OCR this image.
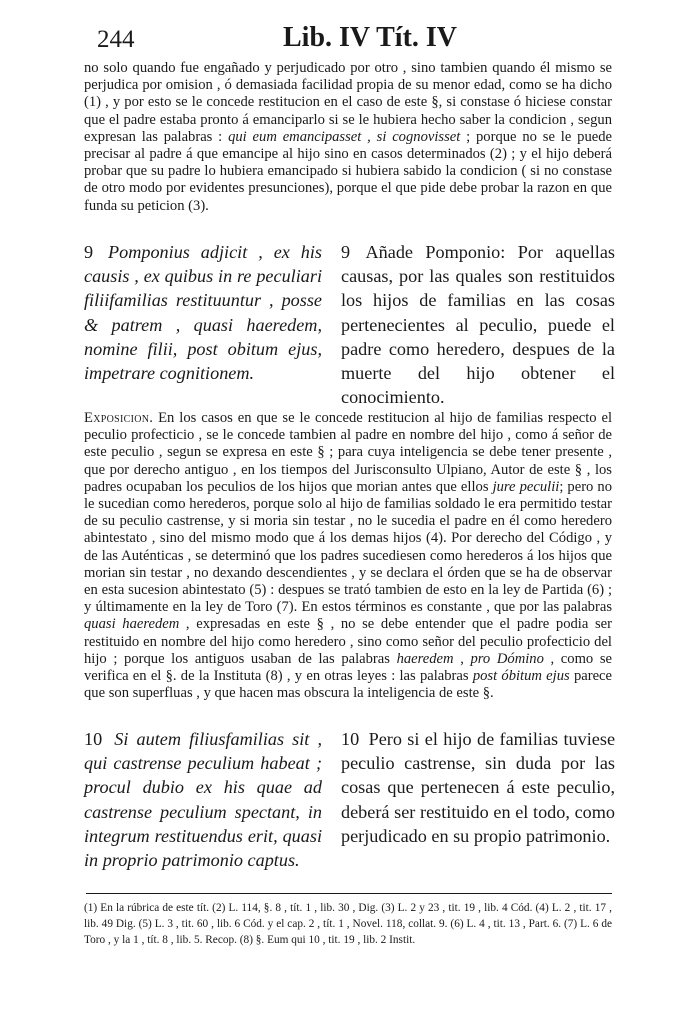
244	Lib. IV Tít. IV

no solo quando fue engañado y perjudicado por otro , sino tambien quando él mismo se perjudica por omision , ó demasiada facilidad propia de su menor edad, como se ha dicho (1) , y por esto se le concede restitucion en el caso de este §, si constase ó hiciese constar que el padre estaba pronto á emanciparlo si se le hubiera hecho saber la condicion , segun expresan las palabras : qui eum emancipasset , si cognovisset ; porque no se le puede precisar al padre á que emancipe al hijo sino en casos determinados (2) ; y el hijo deberá probar que su padre lo hubiera emancipado si hubiera sabido la condicion ( si no constase de otro modo por evidentes presunciones), porque el que pide debe probar la razon en que funda su peticion (3).

9 Pomponius adjicit , ex his causis , ex quibus in re peculiari filiifamilias restituuntur , posse & patrem , quasi haeredem, nomine filii, post obitum ejus, impetrare cognitionem.

9 Añade Pomponio: Por aquellas causas, por las quales son restituidos los hijos de familias en las cosas pertenecientes al peculio, puede el padre como heredero, despues de la muerte del hijo obtener el conocimiento.

Exposicion. En los casos en que se le concede restitucion al hijo de familias respecto el peculio profecticio , se le concede tambien al padre en nombre del hijo , como á señor de este peculio , segun se expresa en este § ; para cuya inteligencia se debe tener presente , que por derecho antiguo , en los tiempos del Jurisconsulto Ulpiano, Autor de este § , los padres ocupaban los peculios de los hijos que morian antes que ellos jure peculii; pero no le sucedian como herederos, porque solo al hijo de familias soldado le era permitido testar de su peculio castrense, y si moria sin testar , no le sucedia el padre en él como heredero abintestato , sino del mismo modo que á los demas hijos (4). Por derecho del Código , y de las Auténticas , se determinó que los padres sucediesen como herederos á los hijos que morian sin testar , no dexando descendientes , y se declara el órden que se ha de observar en esta sucesion abintestato (5) : despues se trató tambien de esto en la ley de Partida (6) ; y últimamente en la ley de Toro (7). En estos términos es constante , que por las palabras quasi haeredem , expresadas en este § , no se debe entender que el padre podia ser restituido en nombre del hijo como heredero , sino como señor del peculio profecticio del hijo ; porque los antiguos usaban de las palabras haeredem , pro Dómino , como se verifica en el §. de la Instituta (8) , y en otras leyes : las palabras post óbitum ejus parece que son superfluas , y que hacen mas obscura la inteligencia de este §.

10 Si autem filiusfamilias sit , qui castrense peculium habeat ; procul dubio ex his quae ad castrense peculium spectant, in integrum restituendus erit, quasi in proprio patrimonio captus.

10 Pero si el hijo de familias tuviese peculio castrense, sin duda por las cosas que pertenecen á este peculio, deberá ser restituido en el todo, como perjudicado en su propio patrimonio.

(1) En la rúbrica de este tít. (2) L. 114, §. 8 , tít. 1 , lib. 30 , Dig. (3) L. 2 y 23 , tit. 19 , lib. 4 Cód. (4) L. 2 , tit. 17 , lib. 49 Dig. (5) L. 3 , tit. 60 , lib. 6 Cód. y el cap. 2 , tít. 1 , Novel. 118, collat. 9. (6) L. 4 , tit. 13 , Part. 6. (7) L. 6 de Toro , y la 1 , tít. 8 , lib. 5. Recop. (8) §. Eum qui 10 , tit. 19 , lib. 2 Instit.
